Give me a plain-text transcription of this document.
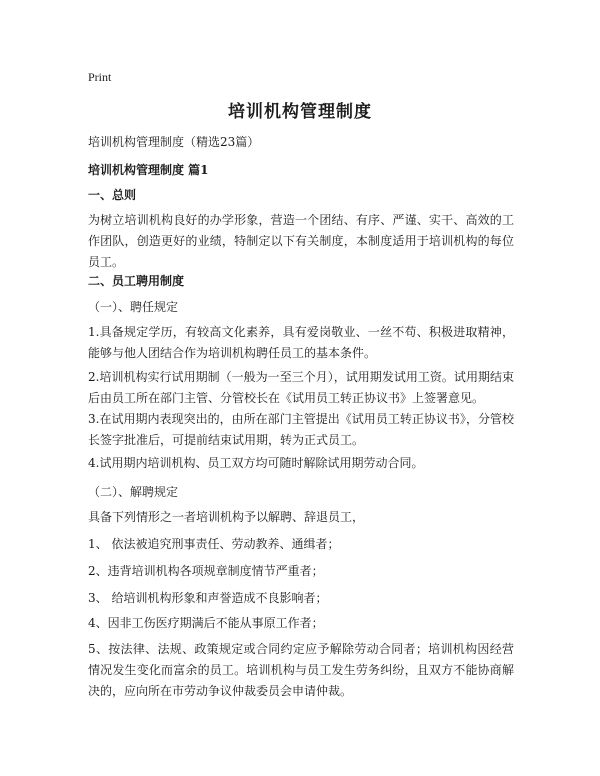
Print
培训机构管理制度

培训机构管理制度（精选23篇）

培训机构管理制度 篇1

一、总则

为树立培训机构良好的办学形象，营造一个团结、有序、严谨、实干、高效的工作团队，创造更好的业绩，特制定以下有关制度，本制度适用于培训机构的每位员工。

二、员工聘用制度

（一）、聘任规定

1.具备规定学历，有较高文化素养，具有爱岗敬业、一丝不苟、积极进取精神，能够与他人团结合作为培训机构聘任员工的基本条件。

2.培训机构实行试用期制（一般为一至三个月），试用期发试用工资。试用期结束后由员工所在部门主管、分管校长在《试用员工转正协议书》上签署意见。

3.在试用期内表现突出的，由所在部门主管提出《试用员工转正协议书》，分管校长签字批准后，可提前结束试用期，转为正式员工。

4.试用期内培训机构、员工双方均可随时解除试用期劳动合同。

（二）、解聘规定

具备下列情形之一者培训机构予以解聘、辞退员工，

1、 依法被追究刑事责任、劳动教养、通缉者；

2、违背培训机构各项规章制度情节严重者；

3、 给培训机构形象和声誉造成不良影响者；

4、因非工伤医疗期满后不能从事原工作者；

5、按法律、法规、政策规定或合同约定应予解除劳动合同者；培训机构因经营情况发生变化而富余的员工。培训机构与员工发生劳务纠纷，且双方不能协商解决的，应向所在市劳动争议仲裁委员会申请仲裁。
